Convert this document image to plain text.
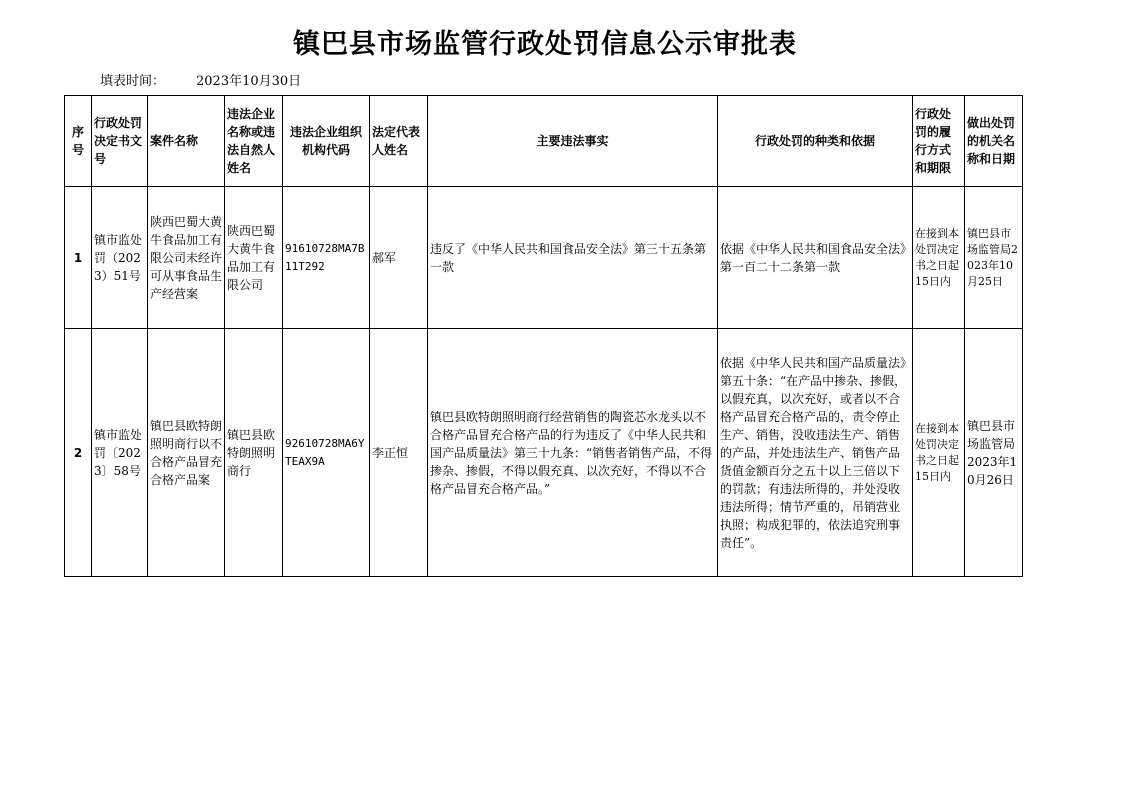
镇巴县市场监管行政处罚信息公示审批表
填表时间： 2023年10月30日
序号	行政处罚决定书文号	案件名称	违法企业名称或违法自然人姓名	违法企业组织机构代码	法定代表人姓名	主要违法事实	行政处罚的种类和依据	行政处罚的履行方式和期限	做出处罚的机关名称和日期
1	镇市监处罚（2023）51号	陕西巴蜀大黄牛食品加工有限公司未经许可从事食品生产经营案	陕西巴蜀大黄牛食品加工有限公司	91610728MA7B11T292	郝军	违反了《中华人民共和国食品安全法》第三十五条第一款	依据《中华人民共和国食品安全法》第一百二十二条第一款	在接到本处罚决定书之日起15日内	镇巴县市场监管局2023年10月25日
2	镇市监处罚〔2023〕58号	镇巴县欧特朗照明商行以不合格产品冒充合格产品案	镇巴县欧特朗照明商行	92610728MA6YTEAX9A	李正恒	镇巴县欧特朗照明商行经营销售的陶瓷芯水龙头以不合格产品冒充合格产品的行为违反了《中华人民共和国产品质量法》第三十九条：“销售者销售产品，不得掺杂、掺假，不得以假充真、以次充好，不得以不合格产品冒充合格产品。”	依据《中华人民共和国产品质量法》第五十条：“在产品中掺杂、掺假，以假充真，以次充好，或者以不合格产品冒充合格产品的，责令停止生产、销售，没收违法生产、销售的产品，并处违法生产、销售产品货值金额百分之五十以上三倍以下的罚款；有违法所得的，并处没收违法所得；情节严重的，吊销营业执照；构成犯罪的，依法追究刑事责任”。	在接到本处罚决定书之日起15日内	镇巴县市场监管局2023年10月26日
